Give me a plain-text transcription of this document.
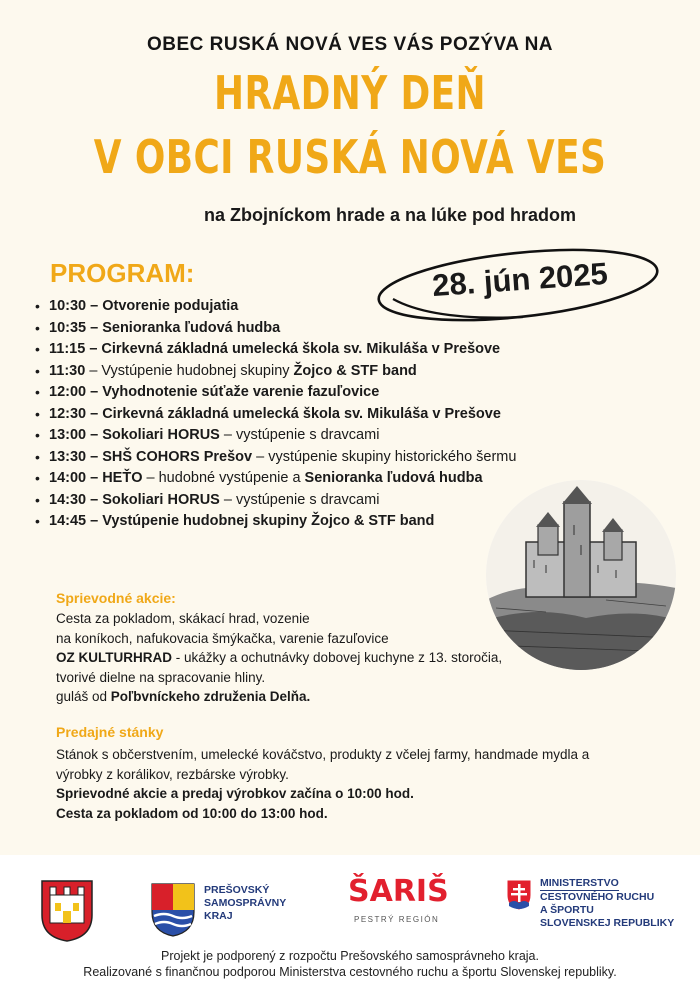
OBEC RUSKÁ NOVÁ VES VÁS POZÝVA NA
HRADNÝ DEŇ
V OBCI RUSKÁ NOVÁ VES
na Zbojníckom hrade a na lúke pod hradom
PROGRAM:	28. jún 2025
• 10:30 – Otvorenie podujatia
• 10:35 – Senioranka ľudová hudba
• 11:15 – Cirkevná základná umelecká škola sv. Mikuláša v Prešove
• 11:30 – Vystúpenie hudobnej skupiny Žojco & STF band
• 12:00 – Vyhodnotenie súťaže varenie fazuľovice
• 12:30 – Cirkevná základná umelecká škola sv. Mikuláša v Prešove
• 13:00 – Sokoliari HORUS – vystúpenie s dravcami
• 13:30 – SHŠ COHORS Prešov – vystúpenie skupiny historického šermu
• 14:00 – HEŤO – hudobné vystúpenie a Senioranka ľudová hudba
• 14:30 – Sokoliari HORUS – vystúpenie s dravcami
• 14:45 – Vystúpenie hudobnej skupiny Žojco & STF band
Sprievodné akcie:
Cesta za pokladom, skákací hrad, vozenie
na koníkoch, nafukovacia šmýkačka, varenie fazuľovice
OZ KULTURHRAD - ukážky a ochutnávky dobovej kuchyne z 13. storočia,
tvorivé dielne na spracovanie hliny.
guláš od Poľbvníckeho združenia Delňa.
Predajné stánky
Stánok s občerstvením, umelecké kováčstvo, produkty z včelej farmy, handmade mydla a
výrobky z korálikov, rezbárske výrobky.
Sprievodné akcie a predaj výrobkov začína o 10:00 hod.
Cesta za pokladom od 10:00 do 13:00 hod.
PREŠOVSKÝ
SAMOSPRÁVNY
KRAJ
ŠARIŠ
PESTRÝ REGIÓN
MINISTERSTVO
CESTOVNÉHO RUCHU
A ŠPORTU
SLOVENSKEJ REPUBLIKY
Projekt je podporený z rozpočtu Prešovského samosprávneho kraja.
Realizované s finančnou podporou Ministerstva cestovného ruchu a športu Slovenskej republiky.
